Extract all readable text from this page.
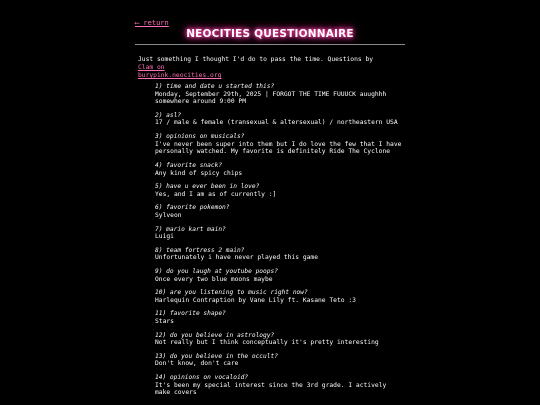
⟵ return
NEOCITIES QUESTIONNAIRE
Just something I thought I'd do to pass the time. Questions by Clam on
burypink.neocities.org
1) time and date u started this?
Monday, September 29th, 2025 | FORGOT THE TIME FUUUCK auughhh somewhere around 9:00 PM
2) asl?
17 / male & female (transexual & altersexual) / northeastern USA
3) opinions on musicals?
I've never been super into them but I do love the few that I have personally watched. My favorite is definitely Ride The Cyclone
4) favorite snack?
Any kind of spicy chips
5) have u ever been in love?
Yes, and I am as of currently :]
6) favorite pokemon?
Sylveon
7) mario kart main?
Luigi
8) team fortress 2 main?
Unfortunately i have never played this game
9) do you laugh at youtube poops?
Once every two blue moons maybe
10) are you listening to music right now?
Harlequin Contraption by Vane Lily ft. Kasane Teto :3
11) favorite shape?
Stars
12) do you believe in astrology?
Not really but I think conceptually it's pretty interesting
13) do you believe in the occult?
Don't know, don't care
14) opinions on vocaloid?
It's been my special interest since the 3rd grade. I actively make covers
